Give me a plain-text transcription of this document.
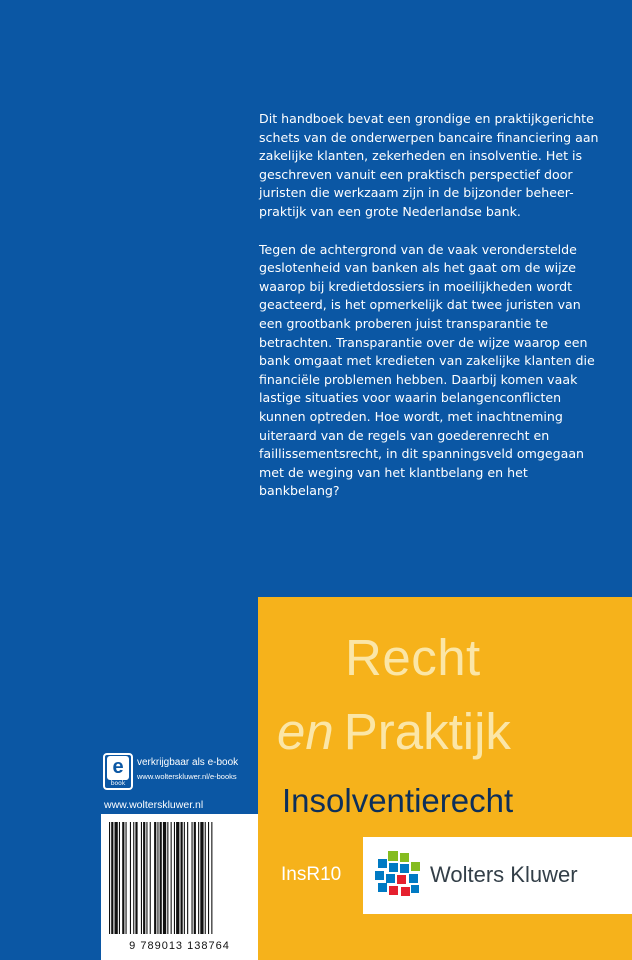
Dit handboek bevat een grondige en praktijkgerichte schets van de onderwerpen bancaire financiering aan zakelijke klanten, zekerheden en insolventie. Het is geschreven vanuit een praktisch perspectief door juristen die werkzaam zijn in de bijzonder beheer-praktijk van een grote Nederlandse bank.

Tegen de achtergrond van de vaak veronderstelde geslotenheid van banken als het gaat om de wijze waarop bij kredietdossiers in moeilijkheden wordt geacteerd, is het opmerkelijk dat twee juristen van een grootbank proberen juist transparantie te betrachten. Transparantie over de wijze waarop een bank omgaat met kredieten van zakelijke klanten die financiële problemen hebben. Daarbij komen vaak lastige situaties voor waarin belangenconflicten kunnen optreden. Hoe wordt, met inachtneming uiteraard van de regels van goederenrecht en faillissementsrecht, in dit spanningsveld omgegaan met de weging van het klantbelang en het bankbelang?

e
book
verkrijgbaar als e-book
www.wolterskluwer.nl/e-books
www.wolterskluwer.nl
9 789013 138764
Recht
en Praktijk
Insolventierecht
InsR10	Wolters Kluwer
